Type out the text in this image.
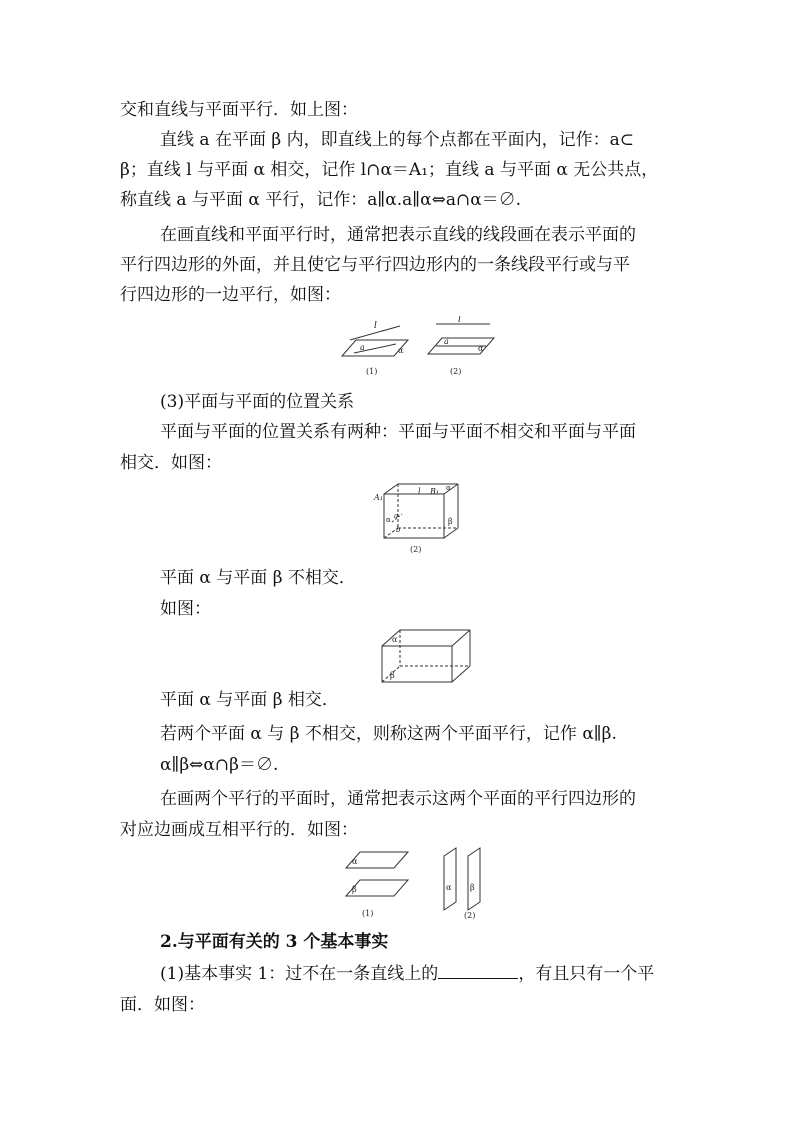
交和直线与平面平行．如上图：
直线 a 在平面 β 内，即直线上的每个点都在平面内，记作：a⊂
β；直线 l 与平面 α 相交，记作 l∩α＝A₁；直线 a 与平面 α 无公共点，
称直线 a 与平面 α 平行，记作：a∥α.a∥α⇔a∩α＝∅.
在画直线和平面平行时，通常把表示直线的线段画在表示平面的
平行四边形的外面，并且使它与平行四边形内的一条线段平行或与平
行四边形的一边平行，如图：
l
a	α
(1)
l
a
α
(2)
(3)平面与平面的位置关系
平面与平面的位置关系有两种：平面与平面不相交和平面与平面
相交．如图：
A₁
l B₁ α
α a
b
β
(2)
平面 α 与平面 β 不相交．
如图：
α
β
平面 α 与平面 β 相交．
若两个平面 α 与 β 不相交，则称这两个平面平行，记作 α∥β.
α∥β⇔α∩β＝∅.
在画两个平行的平面时，通常把表示这两个平面的平行四边形的
对应边画成互相平行的．如图：
α
β
(1)
α β
(2)
2.与平面有关的 3 个基本事实
(1)基本事实 1：过不在一条直线上的	，有且只有一个平
面．如图：
